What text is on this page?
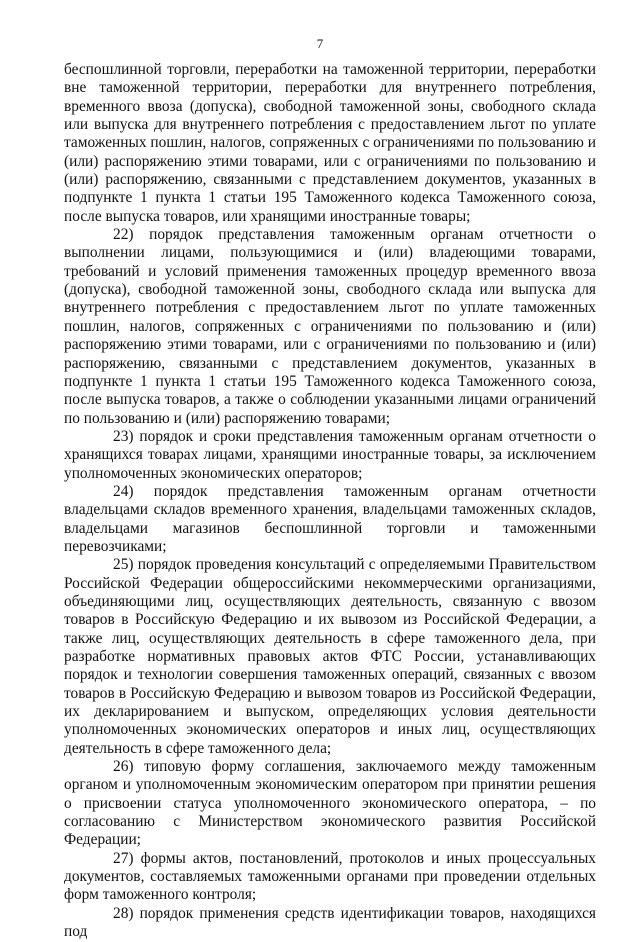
7

беспошлинной торговли, переработки на таможенной территории, переработки вне таможенной территории, переработки для внутреннего потребления, временного ввоза (допуска), свободной таможенной зоны, свободного склада или выпуска для внутреннего потребления с предоставлением льгот по уплате таможенных пошлин, налогов, сопряженных с ограничениями по пользованию и (или) распоряжению этими товарами, или с ограничениями по пользованию и (или) распоряжению, связанными с представлением документов, указанных в подпункте 1 пункта 1 статьи 195 Таможенного кодекса Таможенного союза, после выпуска товаров, или хранящими иностранные товары;

22) порядок представления таможенным органам отчетности о выполнении лицами, пользующимися и (или) владеющими товарами, требований и условий применения таможенных процедур временного ввоза (допуска), свободной таможенной зоны, свободного склада или выпуска для внутреннего потребления с предоставлением льгот по уплате таможенных пошлин, налогов, сопряженных с ограничениями по пользованию и (или) распоряжению этими товарами, или с ограничениями по пользованию и (или) распоряжению, связанными с представлением документов, указанных в подпункте 1 пункта 1 статьи 195 Таможенного кодекса Таможенного союза, после выпуска товаров, а также о соблюдении указанными лицами ограничений по пользованию и (или) распоряжению товарами;

23) порядок и сроки представления таможенным органам отчетности о хранящихся товарах лицами, хранящими иностранные товары, за исключением уполномоченных экономических операторов;

24) порядок представления таможенным органам отчетности владельцами складов временного хранения, владельцами таможенных складов, владельцами магазинов беспошлинной торговли и таможенными перевозчиками;

25) порядок проведения консультаций с определяемыми Правительством Российской Федерации общероссийскими некоммерческими организациями, объединяющими лиц, осуществляющих деятельность, связанную с ввозом товаров в Российскую Федерацию и их вывозом из Российской Федерации, а также лиц, осуществляющих деятельность в сфере таможенного дела, при разработке нормативных правовых актов ФТС России, устанавливающих порядок и технологии совершения таможенных операций, связанных с ввозом товаров в Российскую Федерацию и вывозом товаров из Российской Федерации, их декларированием и выпуском, определяющих условия деятельности уполномоченных экономических операторов и иных лиц, осуществляющих деятельность в сфере таможенного дела;

26) типовую форму соглашения, заключаемого между таможенным органом и уполномоченным экономическим оператором при принятии решения о присвоении статуса уполномоченного экономического оператора, – по согласованию с Министерством экономического развития Российской Федерации;

27) формы актов, постановлений, протоколов и иных процессуальных документов, составляемых таможенными органами при проведении отдельных форм таможенного контроля;

28) порядок применения средств идентификации товаров, находящихся под
